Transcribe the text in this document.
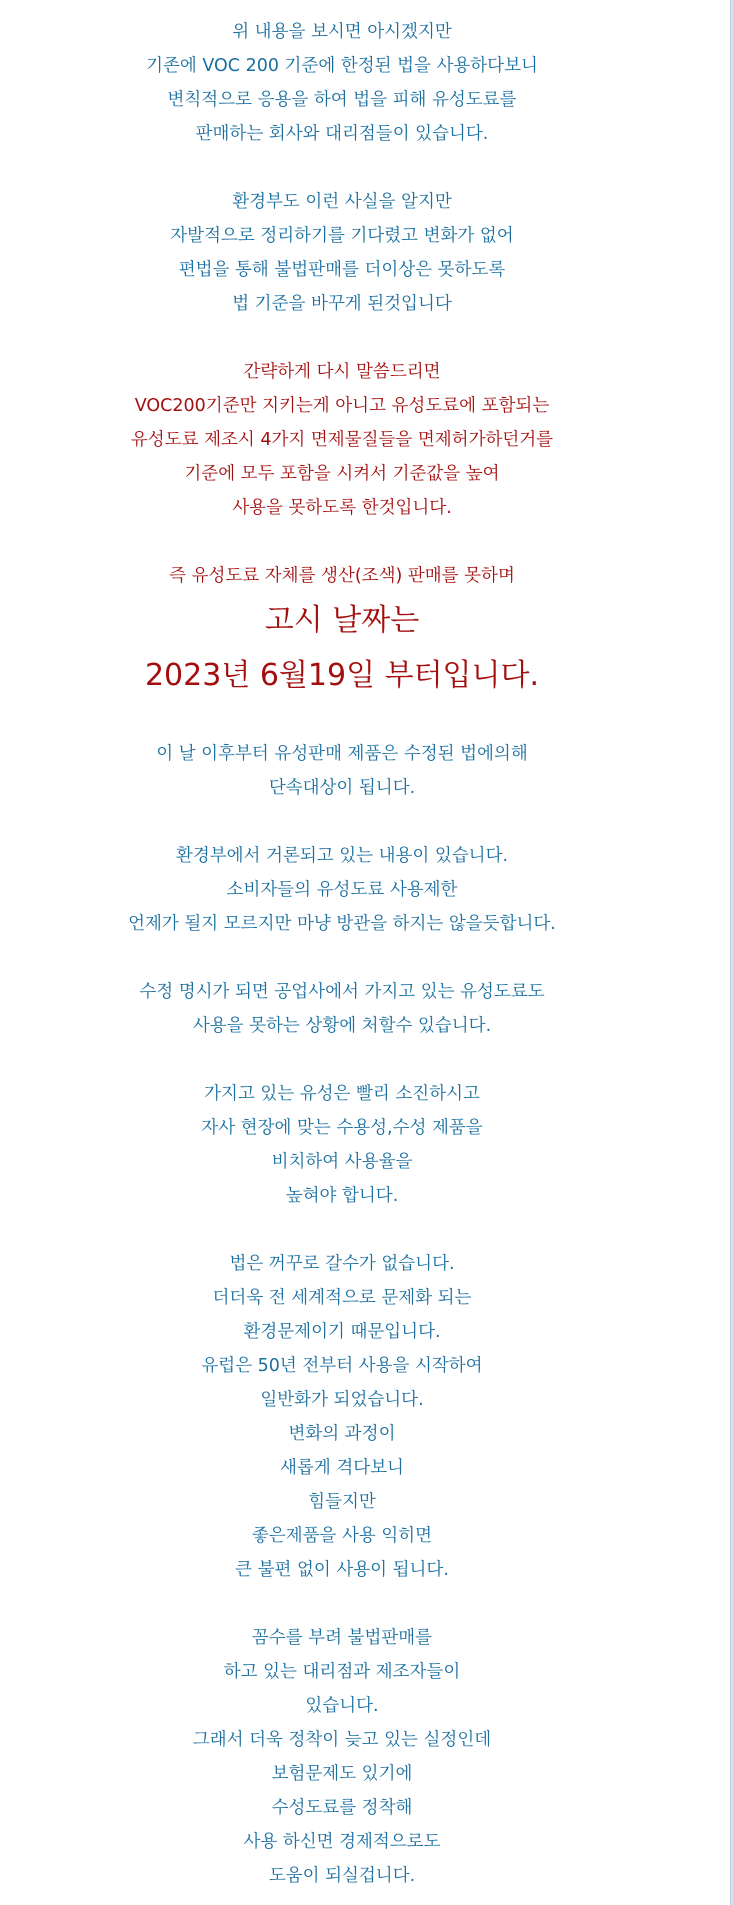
위 내용을 보시면 아시겠지만
기존에 VOC 200 기준에 한정된 법을 사용하다보니
변칙적으로 응용을 하여 법을 피해 유성도료를
판매하는 회사와 대리점들이 있습니다.
환경부도 이런 사실을 알지만
자발적으로 정리하기를 기다렸고 변화가 없어
편법을 통해 불법판매를 더이상은 못하도록
법 기준을 바꾸게 된것입니다
간략하게 다시 말씀드리면
VOC200기준만 지키는게 아니고 유성도료에 포함되는
유성도료 제조시 4가지 면제물질들을 면제허가하던거를
기준에 모두 포함을 시켜서 기준값을 높여
사용을 못하도록 한것입니다.
즉 유성도료 자체를 생산(조색) 판매를 못하며
고시 날짜는
2023년 6월19일 부터입니다.
이 날 이후부터 유성판매 제품은 수정된 법에의해
단속대상이 됩니다.
환경부에서 거론되고 있는 내용이 있습니다.
소비자들의 유성도료 사용제한
언제가 될지 모르지만 마냥 방관을 하지는 않을듯합니다.
수정 명시가 되면 공업사에서 가지고 있는 유성도료도
사용을 못하는 상황에 처할수 있습니다.
가지고 있는 유성은 빨리 소진하시고
자사 현장에 맞는 수용성,수성 제품을
비치하여 사용율을
높혀야 합니다.
법은 꺼꾸로 갈수가 없습니다.
더더욱 전 세계적으로 문제화 되는
환경문제이기 때문입니다.
유럽은 50년 전부터 사용을 시작하여
일반화가 되었습니다.
변화의 과정이
새롭게 격다보니
힘들지만
좋은제품을 사용 익히면
큰 불편 없이 사용이 됩니다.
꼼수를 부려 불법판매를
하고 있는 대리점과 제조자들이
있습니다.
그래서 더욱 정착이 늦고 있는 실정인데
보험문제도 있기에
수성도료를 정착해
사용 하신면 경제적으로도
도움이 되실겁니다.
